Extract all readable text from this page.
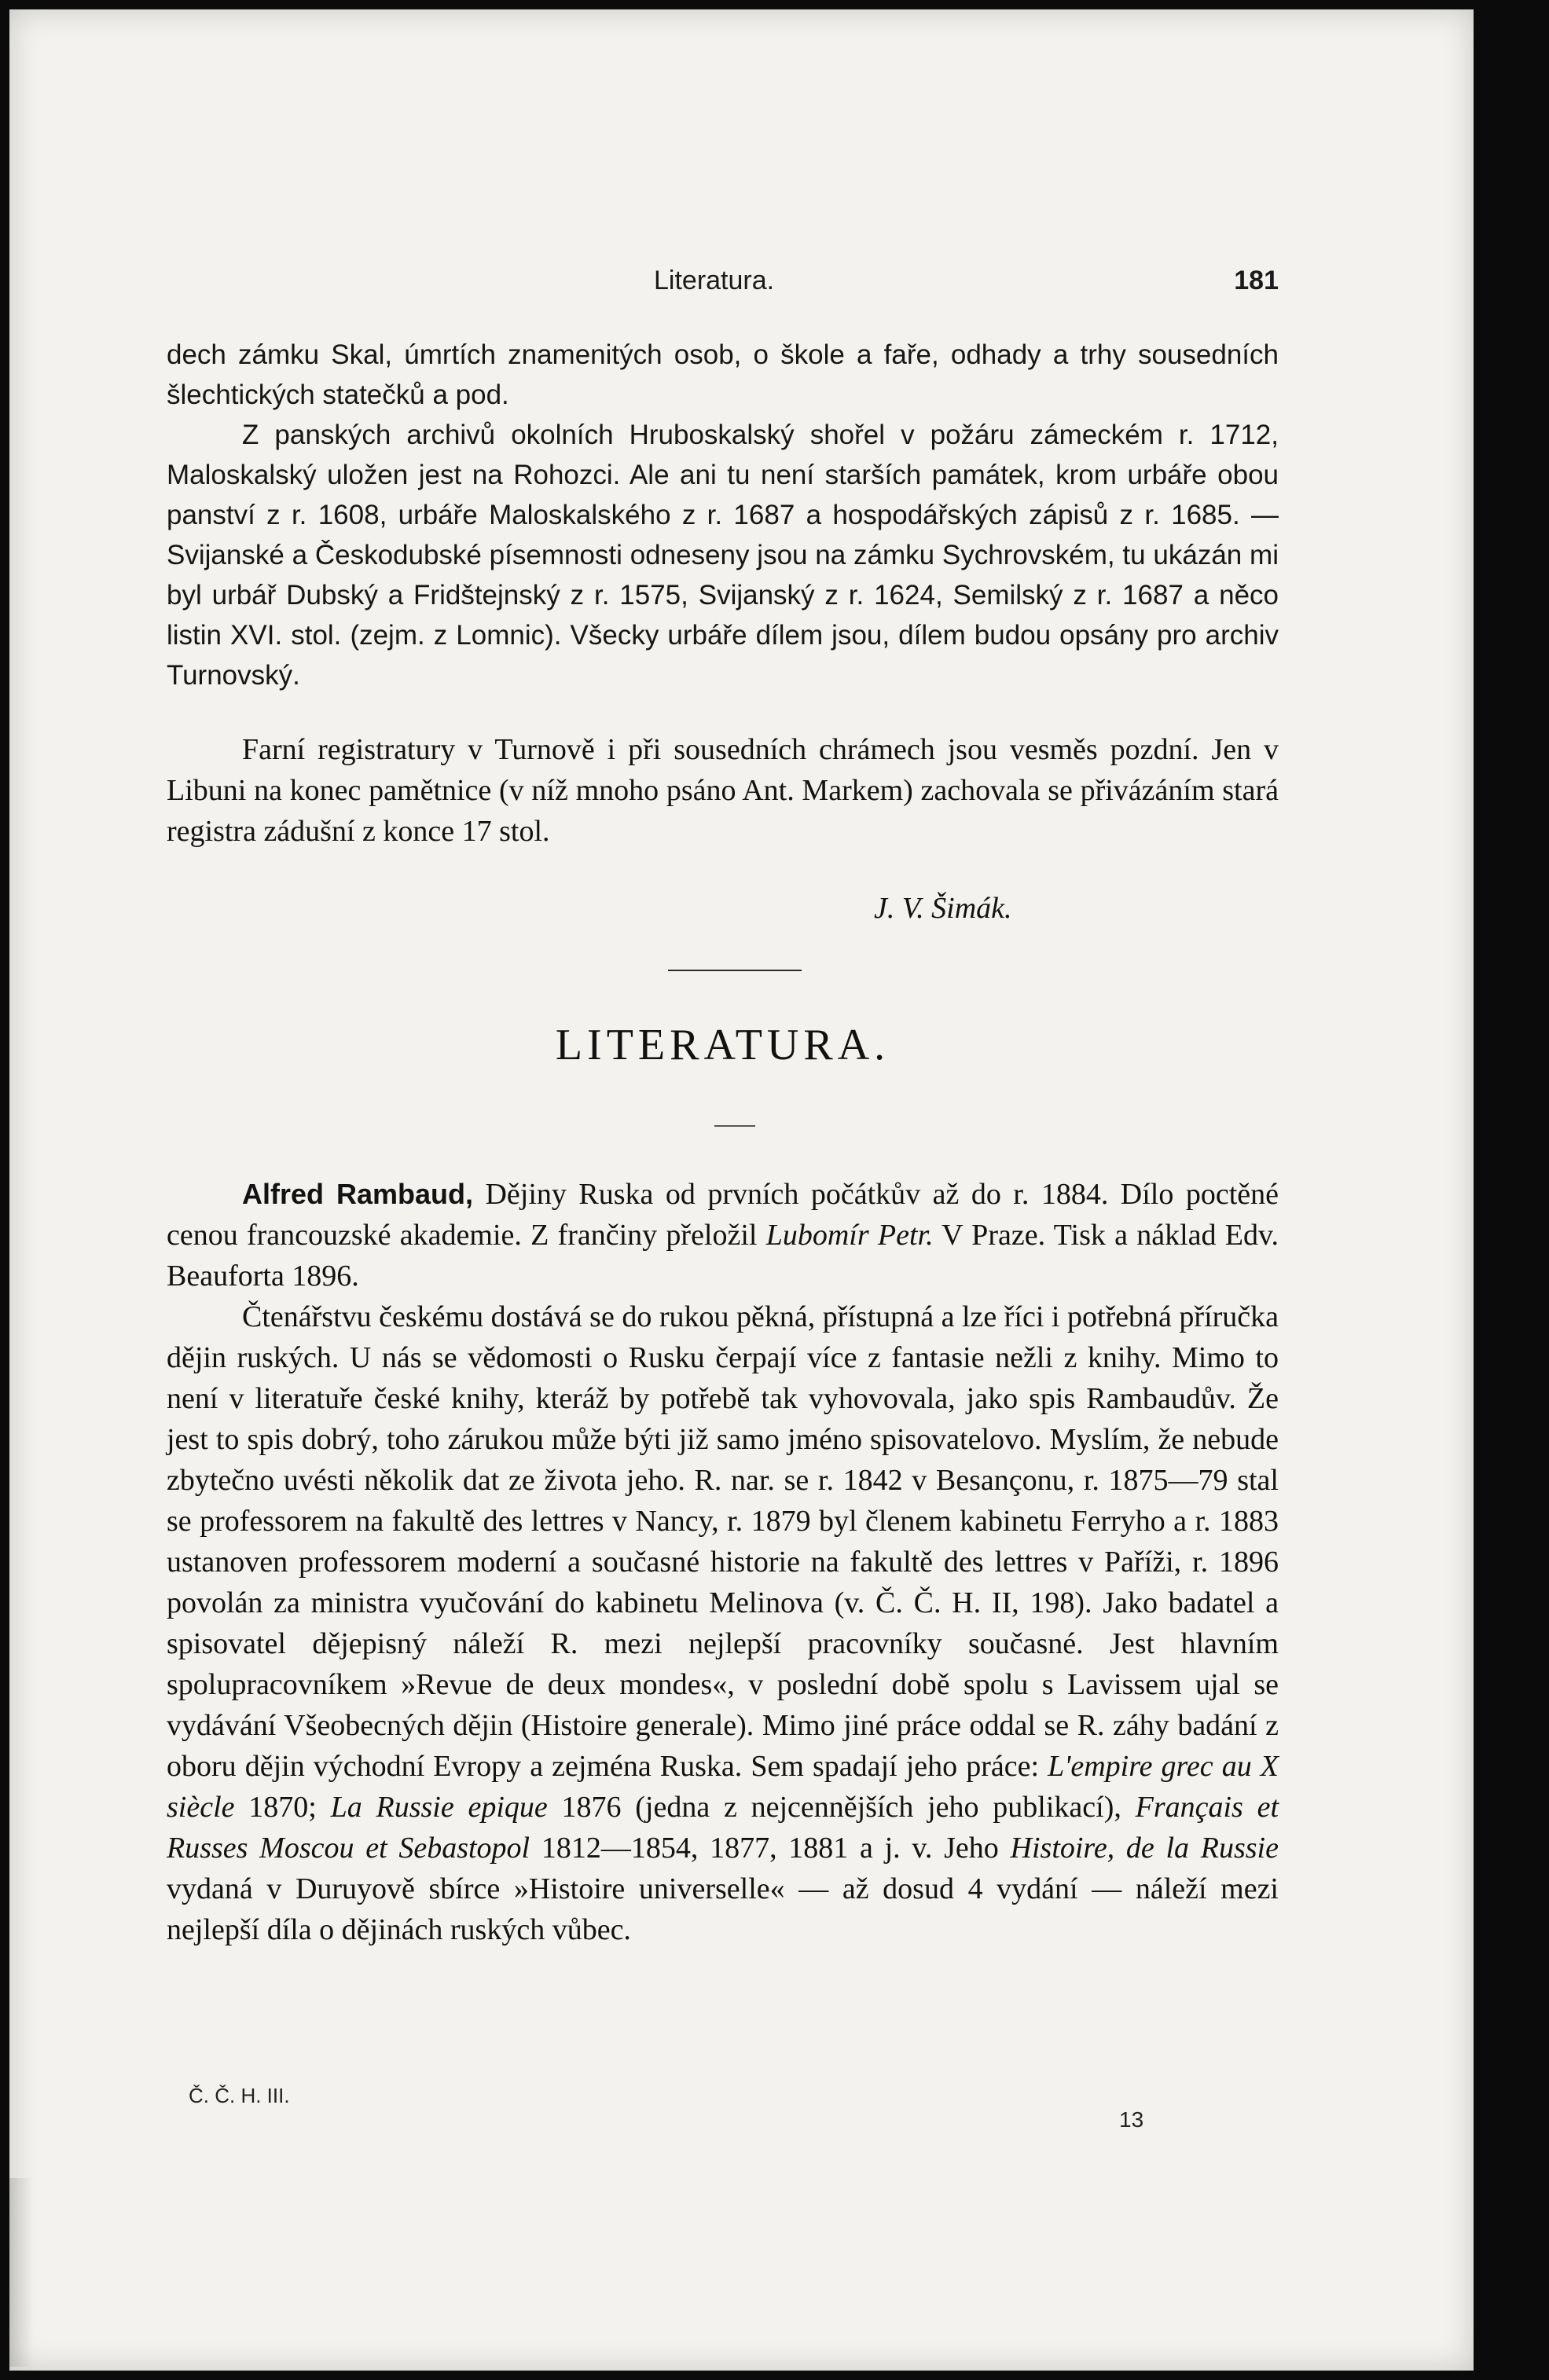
Literatura.	181

dech zámku Skal, úmrtích znamenitých osob, o škole a faře, odhady a trhy sousedních šlechtických statečků a pod.

Z panských archivů okolních Hruboskalský shořel v požáru zámeckém r. 1712, Maloskalský uložen jest na Rohozci. Ale ani tu není starších památek, krom urbáře obou panství z r. 1608, urbáře Maloskalského z r. 1687 a hospodářských zápisů z r. 1685. — Svijanské a Českodubské písemnosti odneseny jsou na zámku Sychrovském, tu ukázán mi byl urbář Dubský a Fridštejnský z r. 1575, Svijanský z r. 1624, Semilský z r. 1687 a něco listin XVI. stol. (zejm. z Lomnic). Všecky urbáře dílem jsou, dílem budou opsány pro archiv Turnovský.

Farní registratury v Turnově i při sousedních chrámech jsou vesměs pozdní. Jen v Libuni na konec pamětnice (v níž mnoho psáno Ant. Markem) zachovala se přivázáním stará registra zádušní z konce 17 stol.

J. V. Šimák.
LITERATURA.

Alfred Rambaud, Dějiny Ruska od prvních počátkův až do r. 1884. Dílo poctěné cenou francouzské akademie. Z frančiny přeložil Lubomír Petr. V Praze. Tisk a náklad Edv. Beauforta 1896.

Čtenářstvu českému dostává se do rukou pěkná, přístupná a lze říci i potřebná příručka dějin ruských. U nás se vědomosti o Rusku čerpají více z fantasie nežli z knihy. Mimo to není v literatuře české knihy, kteráž by potřebě tak vyhovovala, jako spis Rambaudův. Že jest to spis dobrý, toho zárukou může býti již samo jméno spisovatelovo. Myslím, že nebude zbytečno uvésti několik dat ze života jeho. R. nar. se r. 1842 v Besançonu, r. 1875—79 stal se professorem na fakultě des lettres v Nancy, r. 1879 byl členem kabinetu Ferryho a r. 1883 ustanoven professorem moderní a současné historie na fakultě des lettres v Paříži, r. 1896 povolán za ministra vyučování do kabinetu Melinova (v. Č. Č. H. II, 198). Jako badatel a spisovatel dějepisný náleží R. mezi nejlepší pracovníky současné. Jest hlavním spolupracovníkem »Revue de deux mondes«, v poslední době spolu s Lavissem ujal se vydávání Všeobecných dějin (Histoire generale). Mimo jiné práce oddal se R. záhy badání z oboru dějin východní Evropy a zejména Ruska. Sem spadají jeho práce: L'empire grec au X siècle 1870; La Russie epique 1876 (jedna z nejcennějších jeho publikací), Français et Russes Moscou et Sebastopol 1812—1854, 1877, 1881 a j. v. Jeho Histoire, de la Russie vydaná v Duruyově sbírce »Histoire universelle« — až dosud 4 vydání — náleží mezi nejlepší díla o dějinách ruských vůbec.

Č. Č. H. III.
13
